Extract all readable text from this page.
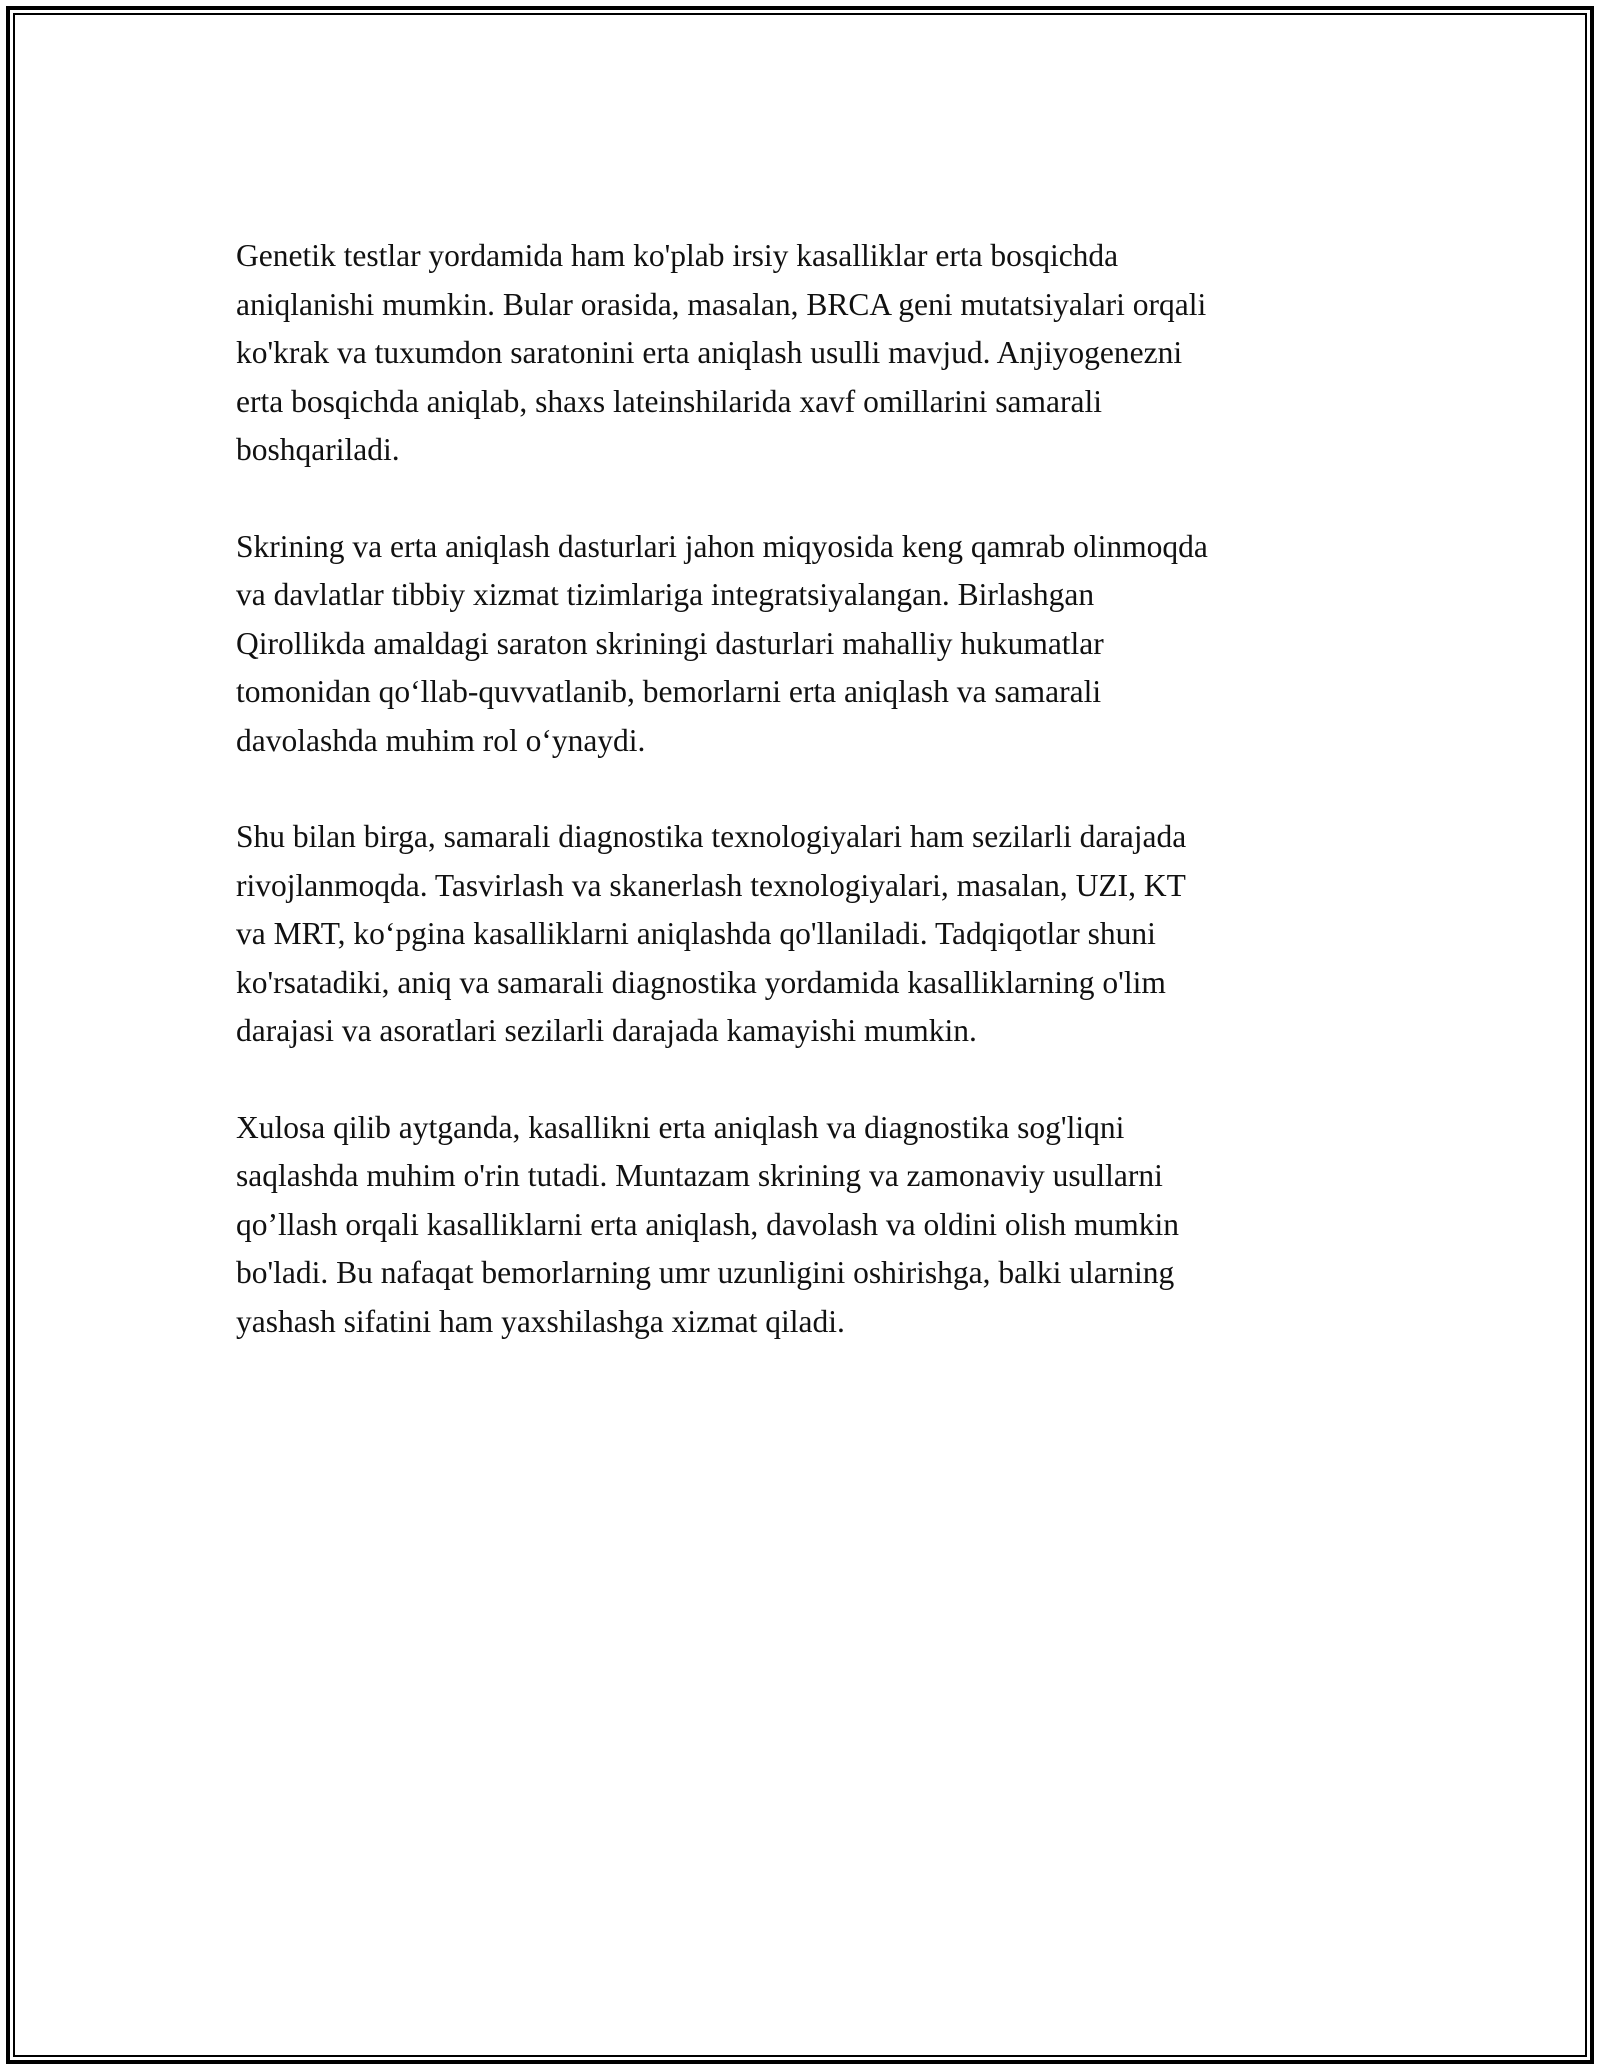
Genetik testlar yordamida ham ko'plab irsiy kasalliklar erta bosqichda
aniqlanishi mumkin. Bular orasida, masalan, BRCA geni mutatsiyalari orqali
ko'krak va tuxumdon saratonini erta aniqlash usulli mavjud. Anjiyogenezni
erta bosqichda aniqlab, shaxs lateinshilarida xavf omillarini samarali
boshqariladi.

Skrining va erta aniqlash dasturlari jahon miqyosida keng qamrab olinmoqda
va davlatlar tibbiy xizmat tizimlariga integratsiyalangan. Birlashgan
Qirollikda amaldagi saraton skriningi dasturlari mahalliy hukumatlar
tomonidan qo‘llab-quvvatlanib, bemorlarni erta aniqlash va samarali
davolashda muhim rol o‘ynaydi.

Shu bilan birga, samarali diagnostika texnologiyalari ham sezilarli darajada
rivojlanmoqda. Tasvirlash va skanerlash texnologiyalari, masalan, UZI, KT
va MRT, ko‘pgina kasalliklarni aniqlashda qo'llaniladi. Tadqiqotlar shuni
ko'rsatadiki, aniq va samarali diagnostika yordamida kasalliklarning o'lim
darajasi va asoratlari sezilarli darajada kamayishi mumkin.

Xulosa qilib aytganda, kasallikni erta aniqlash va diagnostika sog'liqni
saqlashda muhim o'rin tutadi. Muntazam skrining va zamonaviy usullarni
qo’llash orqali kasalliklarni erta aniqlash, davolash va oldini olish mumkin
bo'ladi. Bu nafaqat bemorlarning umr uzunligini oshirishga, balki ularning
yashash sifatini ham yaxshilashga xizmat qiladi.
